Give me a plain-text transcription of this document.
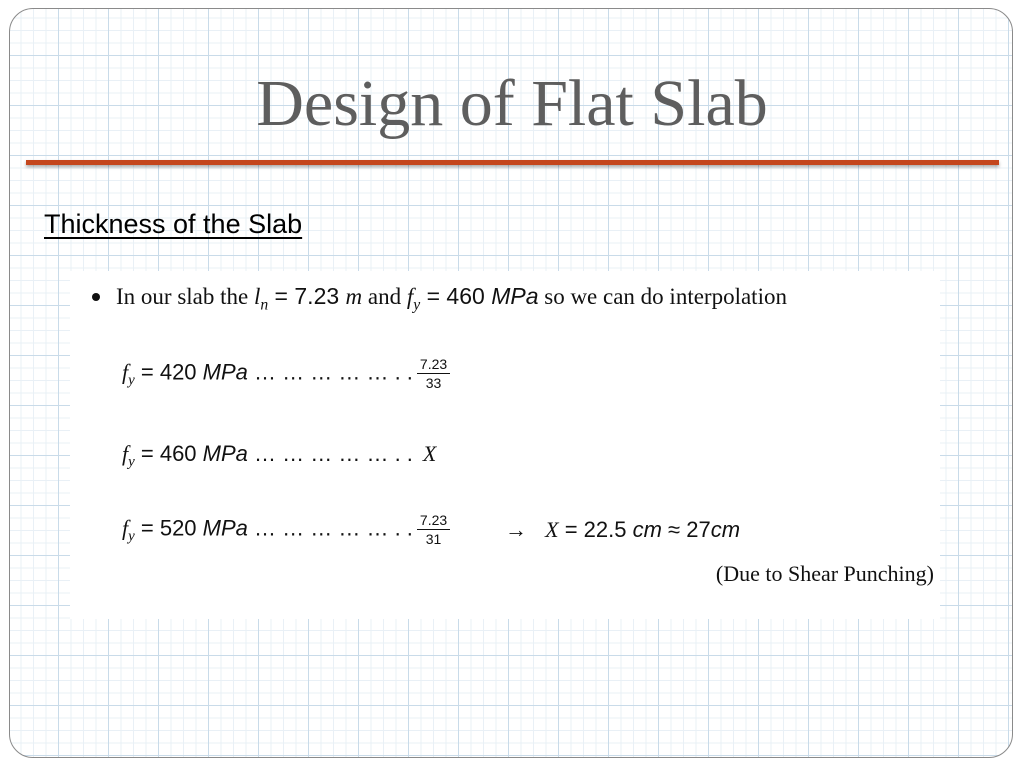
Design of Flat Slab
Thickness of the Slab
In our slab the $l_n = 7.23$ m and $f_y = 460$ MPa so we can do interpolation
$f_y = 420$ MPa … … … … … . . $\frac{7.23}{33}$
$f_y = 460$ MPa … … … … … . . X
$f_y = 520$ MPa … … … … … . . $\frac{7.23}{31} \to X = 22.5$ cm ≈ 27cm
(Due to Shear Punching)
